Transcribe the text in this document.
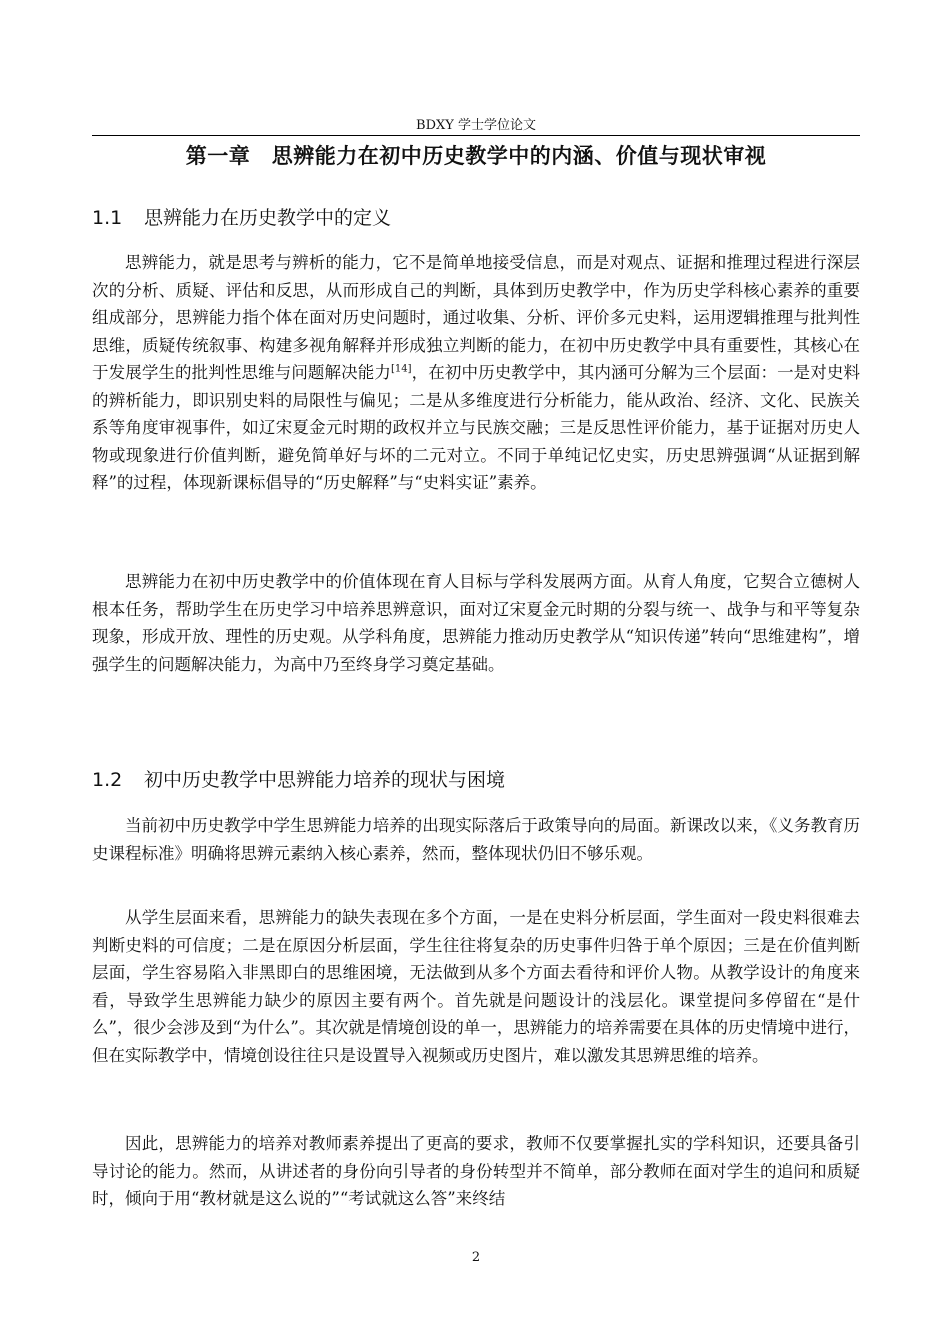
BDXY 学士学位论文
第一章　思辨能力在初中历史教学中的内涵、价值与现状审视
1.1 思辨能力在历史教学中的定义

思辨能力，就是思考与辨析的能力，它不是简单地接受信息，而是对观点、证据和推理过程进行深层次的分析、质疑、评估和反思，从而形成自己的判断，具体到历史教学中，作为历史学科核心素养的重要组成部分，思辨能力指个体在面对历史问题时，通过收集、分析、评价多元史料，运用逻辑推理与批判性思维，质疑传统叙事、构建多视角解释并形成独立判断的能力，在初中历史教学中具有重要性，其核心在于发展学生的批判性思维与问题解决能力[14]，在初中历史教学中，其内涵可分解为三个层面：一是对史料的辨析能力，即识别史料的局限性与偏见；二是从多维度进行分析能力，能从政治、经济、文化、民族关系等角度审视事件，如辽宋夏金元时期的政权并立与民族交融；三是反思性评价能力，基于证据对历史人物或现象进行价值判断，避免简单好与坏的二元对立。不同于单纯记忆史实，历史思辨强调“从证据到解释”的过程，体现新课标倡导的“历史解释”与“史料实证”素养。

思辨能力在初中历史教学中的价值体现在育人目标与学科发展两方面。从育人角度，它契合立德树人根本任务，帮助学生在历史学习中培养思辨意识，面对辽宋夏金元时期的分裂与统一、战争与和平等复杂现象，形成开放、理性的历史观。从学科角度，思辨能力推动历史教学从“知识传递”转向“思维建构”，增强学生的问题解决能力，为高中乃至终身学习奠定基础。

1.2 初中历史教学中思辨能力培养的现状与困境

当前初中历史教学中学生思辨能力培养的出现实际落后于政策导向的局面。新课改以来，《义务教育历史课程标准》明确将思辨元素纳入核心素养，然而，整体现状仍旧不够乐观。

从学生层面来看，思辨能力的缺失表现在多个方面，一是在史料分析层面，学生面对一段史料很难去判断史料的可信度；二是在原因分析层面，学生往往将复杂的历史事件归咎于单个原因；三是在价值判断层面，学生容易陷入非黑即白的思维困境，无法做到从多个方面去看待和评价人物。从教学设计的角度来看，导致学生思辨能力缺少的原因主要有两个。首先就是问题设计的浅层化。课堂提问多停留在“是什么”，很少会涉及到“为什么”。其次就是情境创设的单一，思辨能力的培养需要在具体的历史情境中进行，但在实际教学中，情境创设往往只是设置导入视频或历史图片，难以激发其思辨思维的培养。

因此，思辨能力的培养对教师素养提出了更高的要求，教师不仅要掌握扎实的学科知识，还要具备引导讨论的能力。然而，从讲述者的身份向引导者的身份转型并不简单，部分教师在面对学生的追问和质疑时，倾向于用“教材就是这么说的”“考试就这么答”来终结

2
